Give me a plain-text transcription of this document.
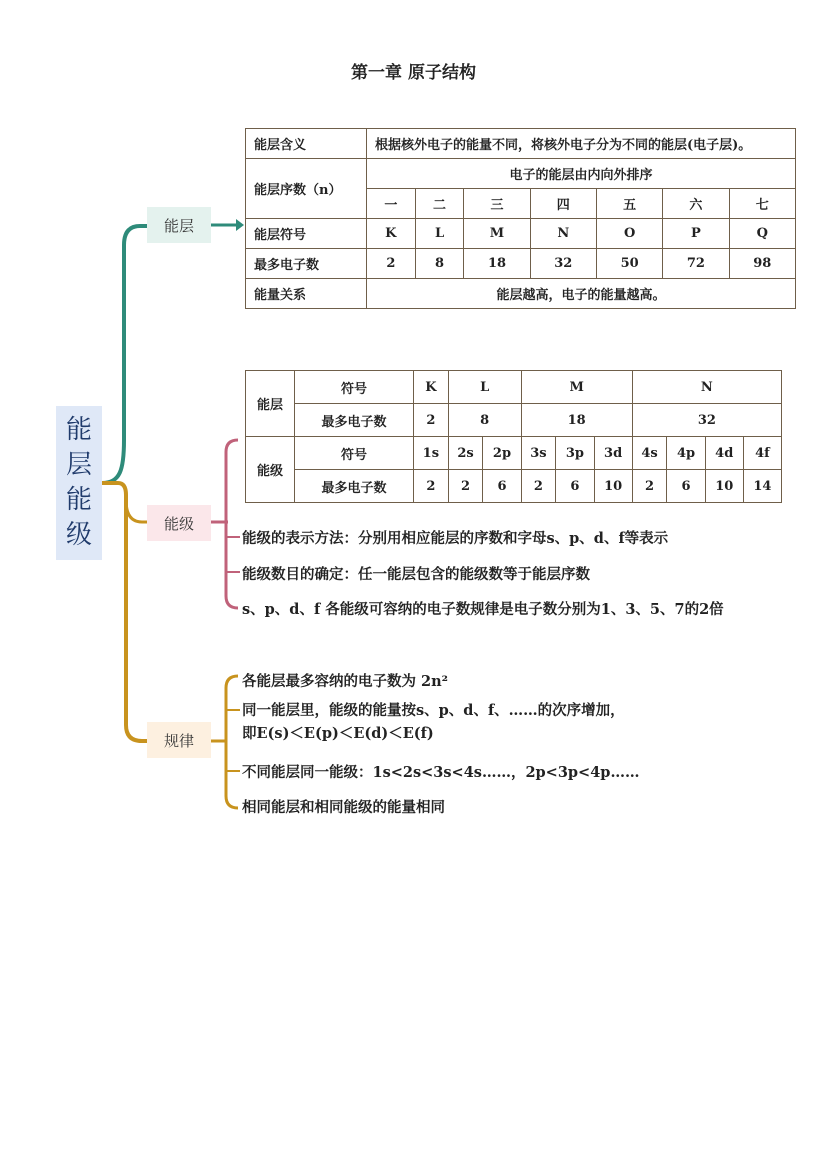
第一章 原子结构
能
层
能
级
能层
能级
规律
能层含义	根据核外电子的能量不同，将核外电子分为不同的能层(电子层)。						
能层序数（n）	电子的能层由内向外排序						
	一	二	三	四	五	六	七
能层符号	K	L	M	N	O	P	Q
最多电子数	2	8	18	32	50	72	98
能量关系	能层越高，电子的能量越高。						
能层	符号	K	L		M			N			
	最多电子数	2	8		18			32			
能级	符号	1s	2s	2p	3s	3p	3d	4s	4p	4d	4f
	最多电子数	2	2	6	2	6	10	2	6	10	14
能级的表示方法：分别用相应能层的序数和字母s、p、d、f等表示
能级数目的确定：任一能层包含的能级数等于能层序数
s、p、d、f 各能级可容纳的电子数规律是电子数分别为1、3、5、7的2倍
各能层最多容纳的电子数为 2n²
同一能层里，能级的能量按s、p、d、f、……的次序增加，
即E(s)＜E(p)＜E(d)＜E(f)
不同能层同一能级：1s<2s<3s<4s……，2p<3p<4p……
相同能层和相同能级的能量相同
